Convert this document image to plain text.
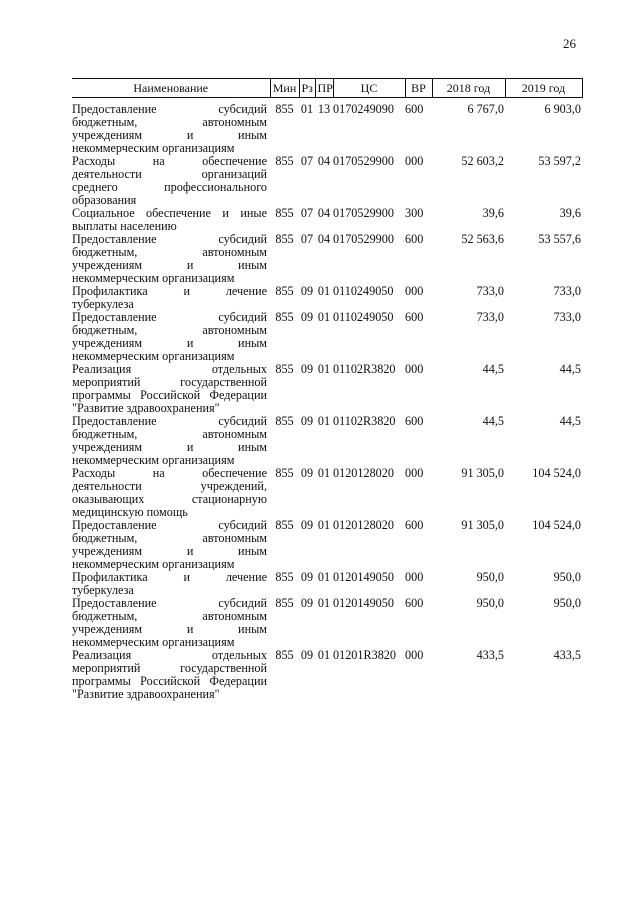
26
Наименование	Мин	Рз	ПР	ЦС	ВР	2018 год	2019 год

Предоставление субсидий
бюджетным, автономным
учреждениям и иным
некоммерческим организациям	855	01	13	0170249090	600	6 767,0	6 903,0

Расходы на обеспечение
деятельности организаций
среднего профессионального
образования	855	07	04	0170529900	000	52 603,2	53 597,2

Социальное обеспечение и иные
выплаты населению	855	07	04	0170529900	300	39,6	39,6

Предоставление субсидий
бюджетным, автономным
учреждениям и иным
некоммерческим организациям	855	07	04	0170529900	600	52 563,6	53 557,6

Профилактика и лечение
туберкулеза	855	09	01	0110249050	000	733,0	733,0

Предоставление субсидий
бюджетным, автономным
учреждениям и иным
некоммерческим организациям	855	09	01	0110249050	600	733,0	733,0

Реализация отдельных
мероприятий государственной
программы Российской Федерации
"Развитие здравоохранения"	855	09	01	01102R3820	000	44,5	44,5

Предоставление субсидий
бюджетным, автономным
учреждениям и иным
некоммерческим организациям	855	09	01	01102R3820	600	44,5	44,5

Расходы на обеспечение
деятельности учреждений,
оказывающих стационарную
медицинскую помощь	855	09	01	0120128020	000	91 305,0	104 524,0

Предоставление субсидий
бюджетным, автономным
учреждениям и иным
некоммерческим организациям	855	09	01	0120128020	600	91 305,0	104 524,0

Профилактика и лечение
туберкулеза	855	09	01	0120149050	000	950,0	950,0

Предоставление субсидий
бюджетным, автономным
учреждениям и иным
некоммерческим организациям	855	09	01	0120149050	600	950,0	950,0

Реализация отдельных
мероприятий государственной
программы Российской Федерации
"Развитие здравоохранения"	855	09	01	01201R3820	000	433,5	433,5
